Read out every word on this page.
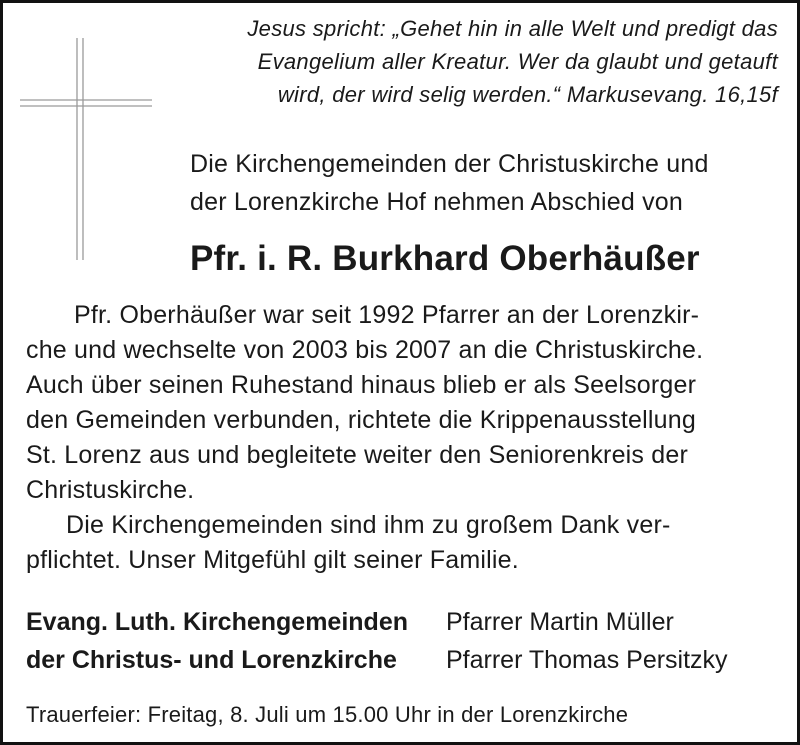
Jesus spricht: „Gehet hin in alle Welt und predigt das
Evangelium aller Kreatur. Wer da glaubt und getauft
wird, der wird selig werden.“ Markusevang. 16,15f
Die Kirchengemeinden der Christuskirche und
der Lorenzkirche Hof nehmen Abschied von
Pfr. i. R. Burkhard Oberhäußer

Pfr. Oberhäußer war seit 1992 Pfarrer an der Lorenzkir-
che und wechselte von 2003 bis 2007 an die Christuskirche.
Auch über seinen Ruhestand hinaus blieb er als Seelsorger
den Gemeinden verbunden, richtete die Krippenausstellung
St. Lorenz aus und begleitete weiter den Seniorenkreis der
Christuskirche.

Die Kirchengemeinden sind ihm zu großem Dank ver-
pflichtet. Unser Mitgefühl gilt seiner Familie.

Evang. Luth. Kirchengemeinden	Pfarrer Martin Müller
der Christus- und Lorenzkirche	Pfarrer Thomas Persitzky
Trauerfeier: Freitag, 8. Juli um 15.00 Uhr in der Lorenzkirche
